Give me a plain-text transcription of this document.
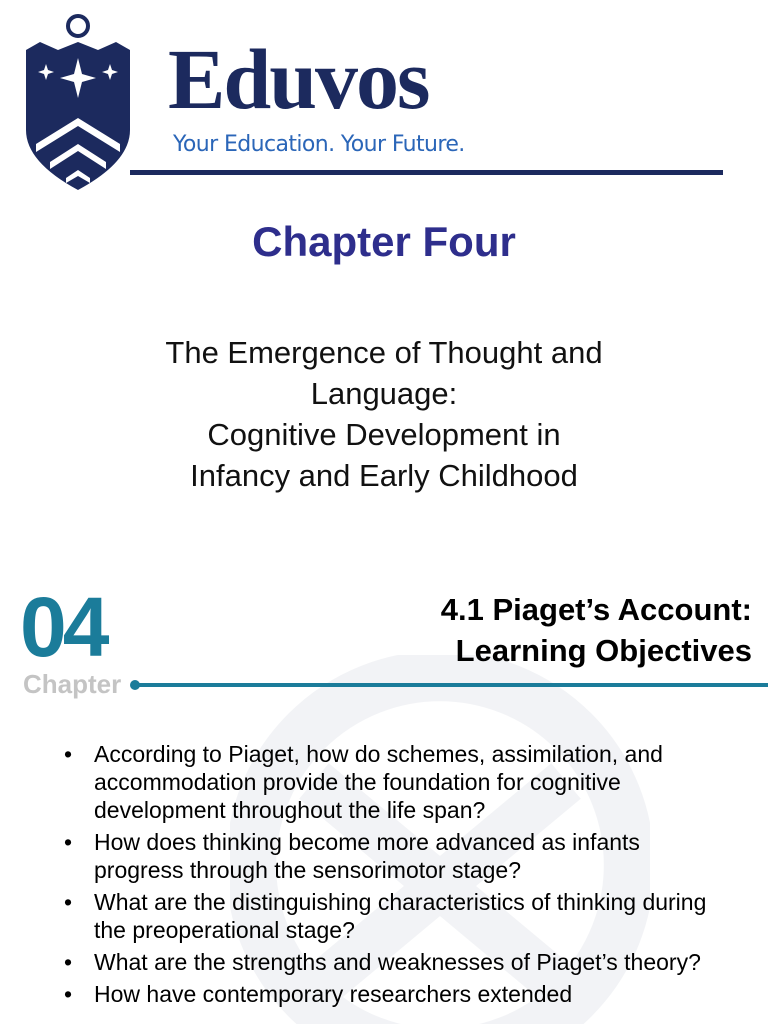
Eduvos
Your Education. Your Future.
Chapter Four
The Emergence of Thought and
Language:
Cognitive Development in
Infancy and Early Childhood
04
Chapter
4.1 Piaget’s Account:
Learning Objectives
• According to Piaget, how do schemes, assimilation, and accommodation provide the foundation for cognitive development throughout the life span?
• How does thinking become more advanced as infants progress through the sensorimotor stage?
• What are the distinguishing characteristics of thinking during the preoperational stage?
• What are the strengths and weaknesses of Piaget’s theory?
• How have contemporary researchers extended
